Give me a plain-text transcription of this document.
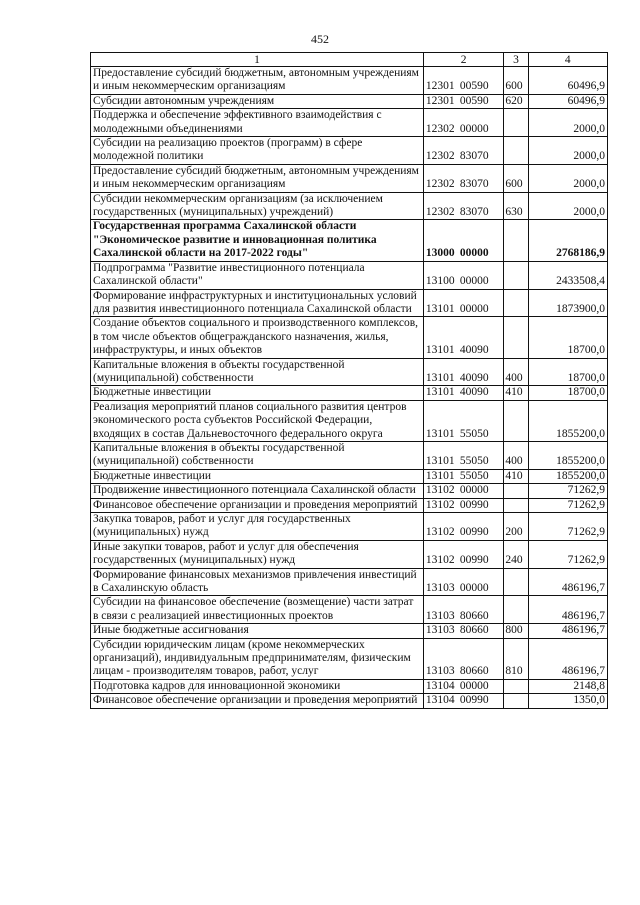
452
1	2	3	4
Предоставление субсидий бюджетным, автономным учреждениям и иным некоммерческим организациям	12301 00590	600	60496,9
Субсидии автономным учреждениям	12301 00590	620	60496,9
Поддержка и обеспечение эффективного взаимодействия с молодежными объединениями	12302 00000		2000,0
Субсидии на реализацию проектов (программ) в сфере молодежной политики	12302 83070		2000,0
Предоставление субсидий бюджетным, автономным учреждениям и иным некоммерческим организациям	12302 83070	600	2000,0
Субсидии некоммерческим организациям (за исключением государственных (муниципальных) учреждений)	12302 83070	630	2000,0
Государственная программа Сахалинской области "Экономическое развитие и инновационная политика Сахалинской области на 2017-2022 годы"	13000 00000		2768186,9
Подпрограмма "Развитие инвестиционного потенциала Сахалинской области"	13100 00000		2433508,4
Формирование инфраструктурных и институциональных условий для развития инвестиционного потенциала Сахалинской области	13101 00000		1873900,0
Создание объектов социального и производственного комплексов, в том числе объектов общегражданского назначения, жилья, инфраструктуры, и иных объектов	13101 40090		18700,0
Капитальные вложения в объекты государственной (муниципальной) собственности	13101 40090	400	18700,0
Бюджетные инвестиции	13101 40090	410	18700,0
Реализация мероприятий планов социального развития центров экономического роста субъектов Российской Федерации, входящих в состав Дальневосточного федерального округа	13101 55050		1855200,0
Капитальные вложения в объекты государственной (муниципальной) собственности	13101 55050	400	1855200,0
Бюджетные инвестиции	13101 55050	410	1855200,0
Продвижение инвестиционного потенциала Сахалинской области	13102 00000		71262,9
Финансовое обеспечение организации и проведения мероприятий	13102 00990		71262,9
Закупка товаров, работ и услуг для государственных (муниципальных) нужд	13102 00990	200	71262,9
Иные закупки товаров, работ и услуг для обеспечения государственных (муниципальных) нужд	13102 00990	240	71262,9
Формирование финансовых механизмов привлечения инвестиций в Сахалинскую область	13103 00000		486196,7
Субсидии на финансовое обеспечение (возмещение) части затрат в связи с реализацией инвестиционных проектов	13103 80660		486196,7
Иные бюджетные ассигнования	13103 80660	800	486196,7
Субсидии юридическим лицам (кроме некоммерческих организаций), индивидуальным предпринимателям, физическим лицам - производителям товаров, работ, услуг	13103 80660	810	486196,7
Подготовка кадров для инновационной экономики	13104 00000		2148,8
Финансовое обеспечение организации и проведения мероприятий	13104 00990		1350,0
